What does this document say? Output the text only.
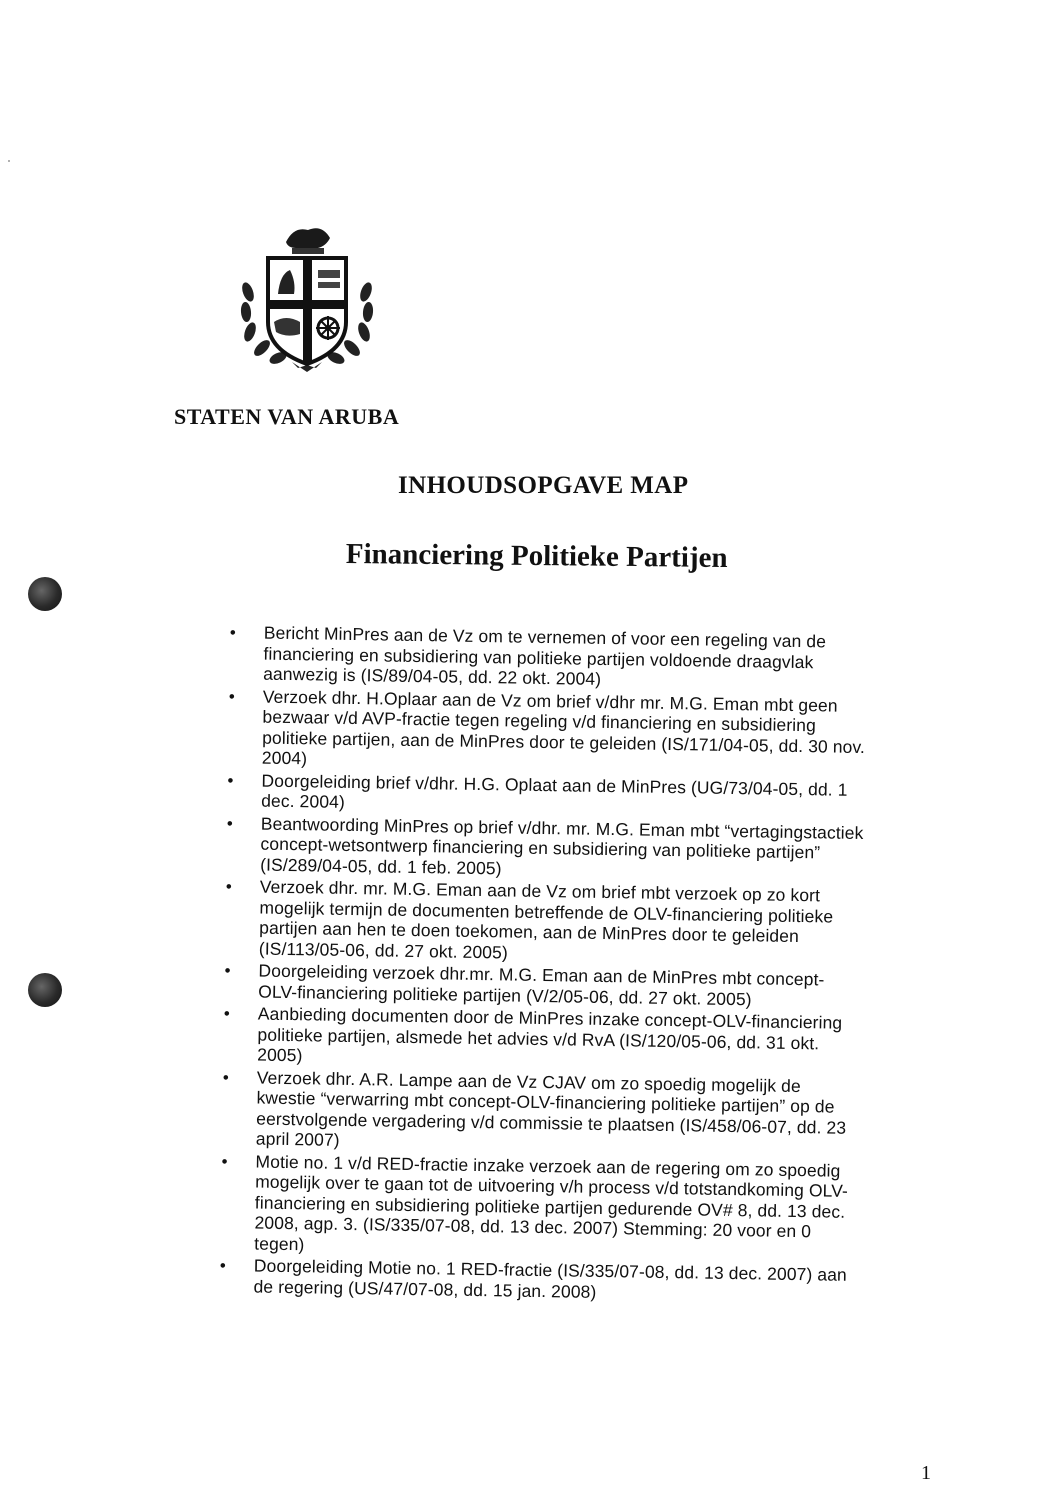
STATEN VAN ARUBA
INHOUDSOPGAVE MAP
Financiering Politieke Partijen
•	Bericht MinPres aan de Vz om te vernemen of voor een regeling van de
financiering en subsidiering van politieke partijen voldoende draagvlak
aanwezig is (IS/89/04-05, dd. 22 okt. 2004)
•	Verzoek dhr. H.Oplaar aan de Vz om brief v/dhr mr. M.G. Eman mbt geen
bezwaar v/d AVP-fractie tegen regeling v/d financiering en subsidiering
politieke partijen, aan de MinPres door te geleiden (IS/171/04-05, dd. 30 nov.
2004)
•	Doorgeleiding brief v/dhr. H.G. Oplaat aan de MinPres (UG/73/04-05, dd. 1
dec. 2004)
•	Beantwoording MinPres op brief v/dhr. mr. M.G. Eman mbt “vertagingstactiek
concept-wetsontwerp financiering en subsidiering van politieke partijen”
(IS/289/04-05, dd. 1 feb. 2005)
•	Verzoek dhr. mr. M.G. Eman aan de Vz om brief mbt verzoek op zo kort
mogelijk termijn de documenten betreffende de OLV-financiering politieke
partijen aan hen te doen toekomen, aan de MinPres door te geleiden
(IS/113/05-06, dd. 27 okt. 2005)
•	Doorgeleiding verzoek dhr.mr. M.G. Eman aan de MinPres mbt concept-
OLV-financiering politieke partijen (V/2/05-06, dd. 27 okt. 2005)
•	Aanbieding documenten door de MinPres inzake concept-OLV-financiering
politieke partijen, alsmede het advies v/d RvA (IS/120/05-06, dd. 31 okt.
2005)
•	Verzoek dhr. A.R. Lampe aan de Vz CJAV om zo spoedig mogelijk de
kwestie “verwarring mbt concept-OLV-financiering politieke partijen” op de
eerstvolgende vergadering v/d commissie te plaatsen (IS/458/06-07, dd. 23
april 2007)
•	Motie no. 1 v/d RED-fractie inzake verzoek aan de regering om zo spoedig
mogelijk over te gaan tot de uitvoering v/h process v/d totstandkoming OLV-
financiering en subsidiering politieke partijen gedurende OV# 8, dd. 13 dec.
2008, agp. 3. (IS/335/07-08, dd. 13 dec. 2007) Stemming: 20 voor en 0
tegen)
•	Doorgeleiding Motie no. 1 RED-fractie (IS/335/07-08, dd. 13 dec. 2007) aan
de regering (US/47/07-08, dd. 15 jan. 2008)
1
